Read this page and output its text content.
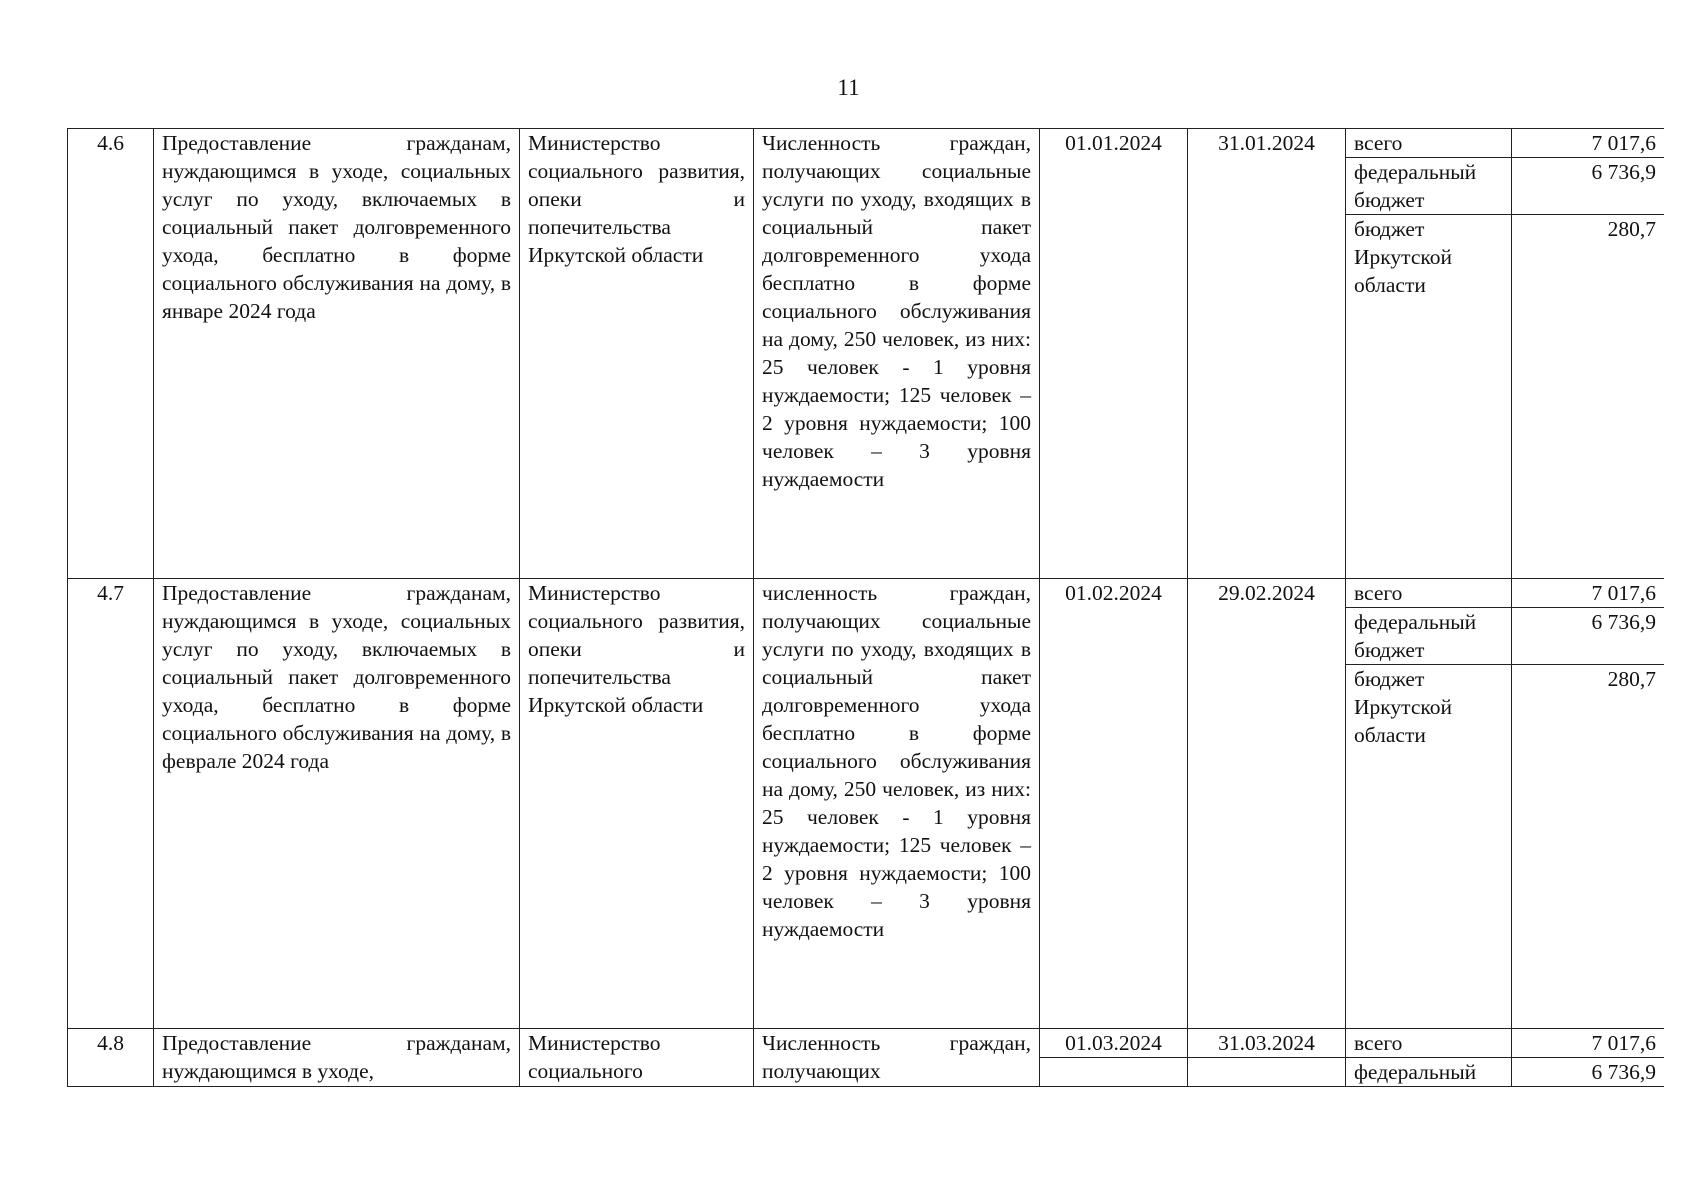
11
4.6	Предоставление гражданам, нуждающимся в уходе, социальных услуг по уходу, включаемых в социальный пакет долговременного ухода, бесплатно в форме социального обслуживания на дому, в январе 2024 года	Министерство социального развития, опеки и попечительства Иркутской области	Численность граждан, получающих социальные услуги по уходу, входящих в социальный пакет долговременного ухода бесплатно в форме социального обслуживания на дому, 250 человек, из них: 25 человек - 1 уровня нуждаемости; 125 человек – 2 уровня нуждаемости; 100 человек – 3 уровня нуждаемости	01.01.2024	31.01.2024	всего	7 017,6
						федеральный бюджет	6 736,9
						бюджет Иркутской области	280,7
4.7	Предоставление гражданам, нуждающимся в уходе, социальных услуг по уходу, включаемых в социальный пакет долговременного ухода, бесплатно в форме социального обслуживания на дому, в феврале 2024 года	Министерство социального развития, опеки и попечительства Иркутской области	численность граждан, получающих социальные услуги по уходу, входящих в социальный пакет долговременного ухода бесплатно в форме социального обслуживания на дому, 250 человек, из них: 25 человек - 1 уровня нуждаемости; 125 человек – 2 уровня нуждаемости; 100 человек – 3 уровня нуждаемости	01.02.2024	29.02.2024	всего	7 017,6
						федеральный бюджет	6 736,9
						бюджет Иркутской области	280,7
4.8	Предоставление гражданам, нуждающимся в уходе,	Министерство социального	Численность граждан, получающих	01.03.2024	31.03.2024	всего	7 017,6
						федеральный	6 736,9
